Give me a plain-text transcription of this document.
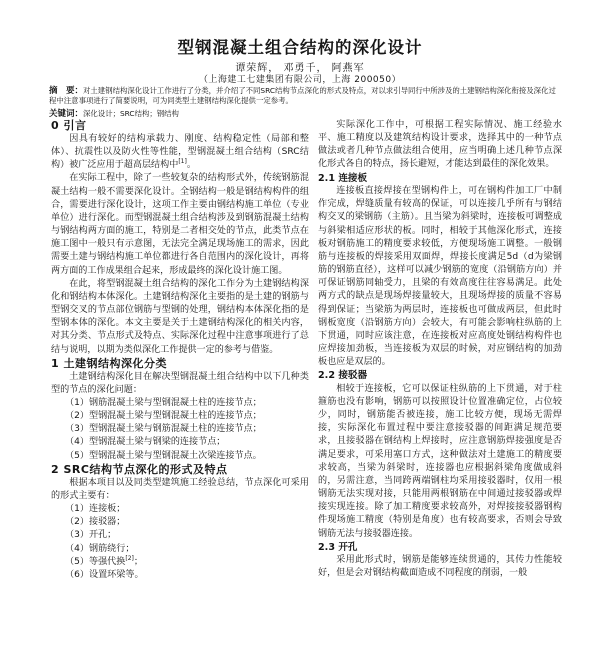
型钢混凝土组合结构的深化设计
谭荣辉， 邓勇千， 阿燕军
（上海建工七建集团有限公司，上海 200050）
摘　要：对土建钢结构深化设计工作进行了分类，并介绍了不同SRC结构节点深化的形式及特点，对以求引导同行中所涉及的土建钢结构深化衔接及深化过程中注意事项进行了简要说明，可为同类型土建钢结构深化提供一定参考。
关键词：深化设计；SRC结构；钢结构
0 引言

因具有较好的结构承载力、刚度、结构稳定性（局部和整体）、抗震性以及防火性等性能，型钢混凝土组合结构（SRC结构）被广泛应用于超高层结构中[1]。

在实际工程中，除了一些较复杂的结构形式外，传统钢筋混凝土结构一般不需要深化设计。全钢结构一般是钢结构构件的组合，需要进行深化设计，这项工作主要由钢结构施工单位（专业单位）进行深化。而型钢混凝土组合结构涉及到钢筋混凝土结构与钢结构两方面的施工，特别是二者相交处的节点，此类节点在施工图中一般只有示意图，无法完全满足现场施工的需求，因此需要土建与钢结构施工单位都进行各自范围内的深化设计，再将两方面的工作成果组合起来，形成最终的深化设计施工图。

在此，将型钢混凝土组合结构的深化工作分为土建钢结构深化和钢结构本体深化。土建钢结构深化主要指的是土建的钢筋与型钢交叉的节点部位钢筋与型钢的处理，钢结构本体深化指的是型钢本体的深化。本文主要是关于土建钢结构深化的相关内容，对其分类、节点形式及特点、实际深化过程中注意事项进行了总结与说明，以期为类似深化工作提供一定的参考与借鉴。

1 土建钢结构深化分类

土建钢结构深化目在解决型钢混凝土组合结构中以下几种类型的节点的深化问题：

（1）钢筋混凝土梁与型钢混凝土柱的连接节点；

（2）型钢混凝土梁与型钢混凝土柱的连接节点；

（3）型钢混凝土梁与钢筋混凝土柱的连接节点；

（4）型钢混凝土梁与钢梁的连接节点；

（5）型钢混凝土梁与型钢混凝土次梁连接节点。

2 SRC结构节点深化的形式及特点

根据本项目以及同类型建筑施工经验总结，节点深化可采用的形式主要有：

（1）连接板；

（2）接驳器；

（3）开孔；

（4）钢筋绕行；

（5）等强代换[2]；

（6）设置环梁等。

实际深化工作中，可根据工程实际情况、施工经验水平、施工精度以及建筑结构设计要求，选择其中的一种节点做法或者几种节点做法组合使用，应当明确上述几种节点深化形式各自的特点，扬长避短，才能达到最佳的深化效果。

2.1 连接板

连接板直接焊接在型钢构件上，可在钢构件加工厂中制作完成，焊缝质量有较高的保证，可以连接几乎所有与钢结构交叉的梁钢筋（主筋）。且当梁为斜梁时，连接板可调整成与斜梁相适应形状的板。同时，相较于其他深化形式，连接板对钢筋施工的精度要求较低，方便现场施工调整。一般钢筋与连接板的焊接采用双面焊，焊接长度满足5d（d为梁钢筋的钢筋直径），这样可以减少钢筋的宽度（沿钢筋方向）并可保证钢筋同轴受力，且梁的有效高度往往容易满足。此处两方式的缺点是现场焊接量较大，且现场焊接的质量不容易得到保证；当梁筋为两层时，连接板也可做成两层，但此时钢板宽度（沿钢筋方向）会较大，有可能会影响柱纵筋的上下贯通，同时应该注意，在连接板对应高度处钢结构构件也应焊接加劲板，当连接板为双层的时候，对应钢结构的加劲板也应是双层的。

2.2 接驳器

相较于连接板，它可以保证柱纵筋的上下贯通，对于柱箍筋也没有影响，钢筋可以按照设计位置准确定位，占位较少，同时，钢筋能否被连接，施工比较方便，现场无需焊接，实际深化布置过程中要注意接驳器的间距满足规范要求，且接驳器在钢结构上焊接时，应注意钢筋焊接强度是否满足要求，可采用塞口方式，这种做法对土建施工的精度要求较高，当梁为斜梁时，连接器也应根据斜梁角度做成斜的，另需注意，当同跨两端钢柱均采用接驳器时，仅用一根钢筋无法实现对接，只能用两根钢筋在中间通过接驳器或焊接实现连接。除了加工精度要求较高外，对焊接接驳器钢构件现场施工精度（特别是角度）也有较高要求，否则会导致钢筋无法与接驳器连接。

2.3 开孔

采用此形式时，钢筋是能够连续贯通的，其传力性能较好，但是会对钢结构截面造成不同程度的削弱，一般
